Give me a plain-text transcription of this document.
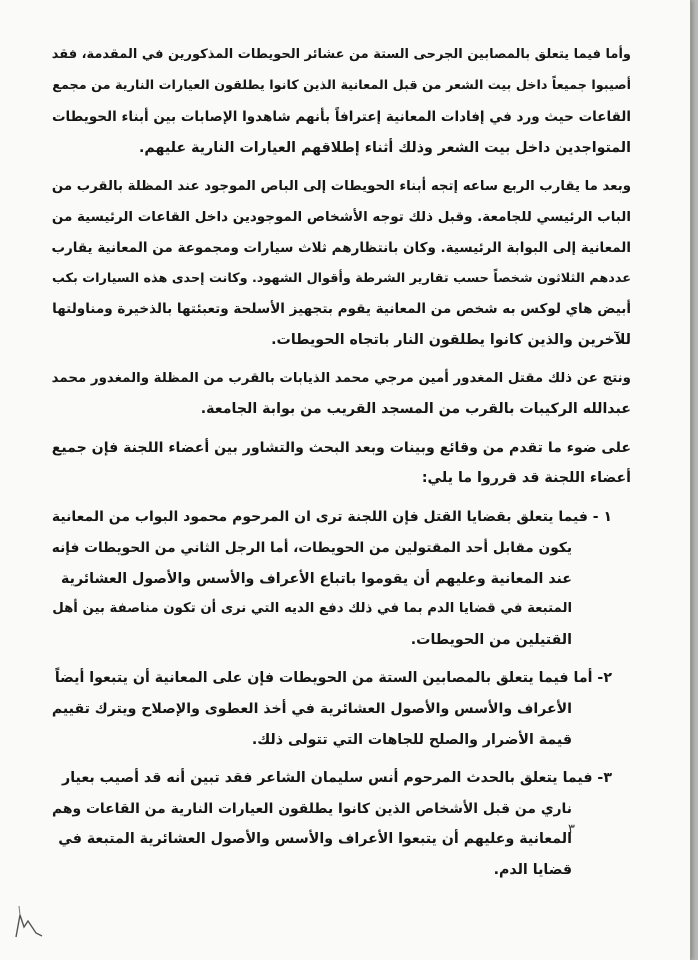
وأما فيما يتعلق بالمصابين الجرحى الستة من عشائر الحويطات المذكورين في المقدمة، فقد
أصيبوا جميعاً داخل بيت الشعر من قبل المعانية الذين كانوا يطلقون العيارات النارية من مجمع
القاعات حيث ورد في إفادات المعانية إعترافاً بأنهم شاهدوا الإصابات بين أبناء الحويطات
المتواجدين داخل بيت الشعر وذلك أثناء إطلاقهم العيارات النارية عليهم.
وبعد ما يقارب الربع ساعه إتجه أبناء الحويطات إلى الباص الموجود عند المظلة بالقرب من
الباب الرئيسي للجامعة. وقبل ذلك توجه الأشخاص الموجودين داخل القاعات الرئيسية من
المعانية إلى البوابة الرئيسية. وكان بانتظارهم ثلاث سيارات ومجموعة من المعانية يقارب
عددهم الثلاثون شخصاً حسب تقارير الشرطة وأقوال الشهود. وكانت إحدى هذه السيارات بكب
أبيض هاي لوكس به شخص من المعانية يقوم بتجهيز الأسلحة وتعبئتها بالذخيرة ومناولتها
للآخرين والذين كانوا يطلقون النار باتجاه الحويطات.
ونتج عن ذلك مقتل المغدور أمين مرجي محمد الذيابات بالقرب من المظلة والمغدور محمد
عبدالله الركيبات بالقرب من المسجد القريب من بوابة الجامعة.
على ضوء ما تقدم من وقائع وبينات وبعد البحث والتشاور بين أعضاء اللجنة فإن جميع
أعضاء اللجنة قد قرروا ما يلي:
١ - فيما يتعلق بقضايا القتل فإن اللجنة ترى ان المرحوم محمود البواب من المعانية
يكون مقابل أحد المقتولين من الحويطات، أما الرجل الثاني من الحويطات فإنه
عند المعانية وعليهم أن يقوموا باتباع الأعراف والأسس والأصول العشائرية
المتبعة في قضايا الدم بما في ذلك دفع الديه التي نرى أن تكون مناصفة بين أهل
القتيلين من الحويطات.
٢- أما فيما يتعلق بالمصابين الستة من الحويطات فإن على المعانية أن يتبعوا أيضاً
الأعراف والأسس والأصول العشائرية في أخذ العطوى والإصلاح ويترك تقييم
قيمة الأضرار والصلح للجاهات التي تتولى ذلك.
٣- فيما يتعلق بالحدث المرحوم أنس سليمان الشاعر فقد تبين أنه قد أصيب بعيار
ناري من قبل الأشخاص الذين كانوا يطلقون العيارات النارية من القاعات وهم
المعانية وعليهم أن يتبعوا الأعراف والأسس والأصول العشائرية المتبعة في
قضايا الدم.
٣
